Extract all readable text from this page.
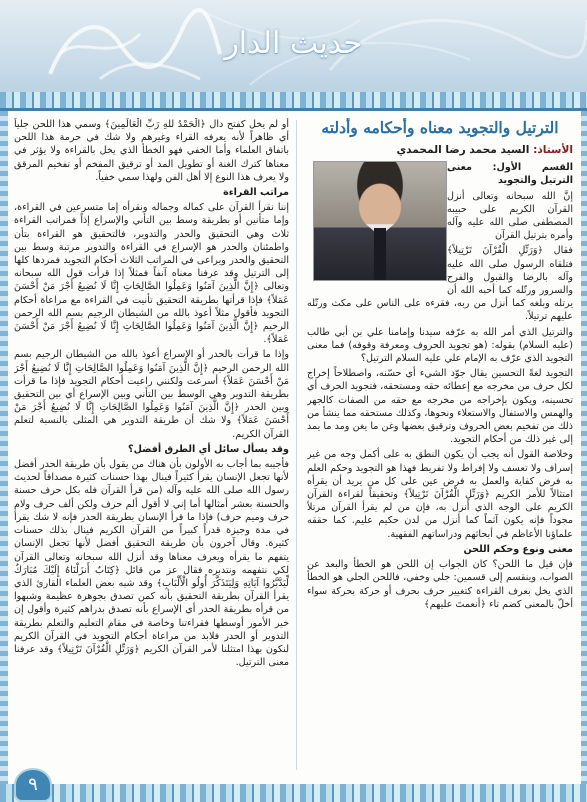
حديث الدار
الترتيل والتجويد معناه وأحكامه وأدلته
الأستاذ: السيد محمد رضا المحمدي

القسم الأول: معنى الترتيل والتجويد

إنَّ الله سبحانه وتعالى أنزل القرآن الكريم على حبيبه المصطفى صلى الله عليه وآله وأمره بترتيل القرآن

فقال ﴿وَرَتِّلِ الْقُرْآنَ تَرْتِيلاً﴾ فتلقاه الرسول صلى الله عليه وآله بالرضا والقبول والفرح والسرور ورتّله كما أحبه الله أن يرتله وبلغه كما أنزل من ربه، فقرءه على الناس على مكث ورتّله عليهم ترتيلاً.

والترتيل الذي أمر الله به عرّفه سيدنا وإمامنا علي بن أبي طالب (عليه السلام) بقوله: (هو تجويد الحروف ومعرفة وقوفه) فما معنى التجويد الذي عرّف به الإمام علي عليه السلام الترتيل؟

التجويد لغةً التحسين يقال جوّد الشيء أي حسّنه، واصطلاحاً إخراج لكل حرف من مخرجه مع إعطائه حقه ومستحقه، فتجويد الحرف أي تحسينه، ويكون بإخراجه من مخرجه مع حقه من الصفات كالجهر والهمس والاستفال والاستعلاء ونحوها، وكذلك مستحقه مما ينشأ من ذلك من تفخيم بعض الحروف وترقيق بعضها وغن ما يغن ومد ما يمد إلى غير ذلك من أحكام التجويد.

وخلاصة القول أنه يجب أن يكون النطق به على أكمل وجه من غير إسراف ولا تعسف ولا إفراط ولا تفريط فهذا هو التجويد وحكم العلم به فرض كفاية والعمل به فرض عين على كل من يريد أن يقرأه امتثالاً للأمر الكريم ﴿وَرَتِّلِ الْقُرْآنَ تَرْتِيلاً﴾ وتحقيقاً لقراءة القرآن الكريم على الوجه الذي أنزل به، فإن من لم يقرأ القرآن مرتلاً مجوداً فإنه يكون آثماً كما أنزل من لدن حكيم عليم. كما حققه علماؤنا الأعاظم في أبحاثهم ودراساتهم الفقهية.

معنى ونوع وحكم اللحن

فإن قيل ما اللحن؟ كان الجواب إن اللحن هو الخطأ والبعد عن الصواب، وينقسم إلى قسمين: جلي وخفي، فاللحن الجلي هو الخطأ الذي يخل بعرف القراءة كتغيير حرف بحرف أو حركة بحركة سواء أخلّ بالمعنى كضم تاء ﴿أنعمتَ عليهم﴾

أو لم يخل كفتح دال ﴿الْحَمْدُ للهِ رَبِّ الْعَالَمِينَ﴾ وسمي هذا اللحن جلياً أي ظاهراً لأنه يعرفه القراء وغيرهم ولا شك في حرمة هذا اللحن باتفاق العلماء وأما الخفي فهو الخطأ الذي يخل بالقراءة ولا يؤثر في معناها كترك الغنة أو تطويل المد أو ترقيق المفخم أو تفخيم المرقق ولا يعرف هذا النوع إلا أهل الفن ولهذا سمي خفياً.

مراتب القراءة

إننا نقرأ القرآن على كماله وجماله ونقرأه إما متسرعين في القراءة، وإما متأنين أو بطريقة وسط بين التأني والإسراع إذاً فمراتب القراءة ثلاث وهي التحقيق والحدر والتدوير، فالتحقيق هو القراءة بتأن واطمئنان والحدر هو الإسراع في القراءة والتدوير مرتبة وسط بين التحقيق والحدر ويراعى في المراتب الثلاث أحكام التجويد فمردها كلها إلى الترتيل وقد عرفنا معناه آنفاً فمثلاً إذا قرأت قول الله سبحانه وتعالى ﴿إِنَّ الَّذِينَ آمَنُوا وَعَمِلُوا الصَّالِحَاتِ إِنَّا لَا نُضِيعُ أَجْرَ مَنْ أَحْسَنَ عَمَلاً﴾ فإذا قرأتها بطريقة التحقيق تأنيت في القراءة مع مراعاة أحكام التجويد فأقول مثلاً أعوذ بالله من الشيطان الرجيم بسم الله الرحمن الرحيم ﴿إِنَّ الَّذِينَ آمَنُوا وَعَمِلُوا الصَّالِحَاتِ إِنَّا لَا نُضِيعُ أَجْرَ مَنْ أَحْسَنَ عَمَلاً﴾.

وإذا ما قرأت بالحدر أو الإسراع أعوذ بالله من الشيطان الرجيم بسم الله الرحمن الرحيم ﴿إِنَّ الَّذِينَ آمَنُوا وَعَمِلُوا الصَّالِحَاتِ إِنَّا لَا نُضِيعُ أَجْرَ مَنْ أَحْسَنَ عَمَلاً﴾ أسرعت ولكنني راعيت أحكام التجويد فإذا ما قرأت بطريقة التدوير وهي الوسط بين التأني وبين الإسراع أي بين التحقيق وبين الحدر ﴿إِنَّ الَّذِينَ آمَنُوا وَعَمِلُوا الصَّالِحَاتِ إِنَّا لَا نُضِيعُ أَجْرَ مَنْ أَحْسَنَ عَمَلاً﴾ ولا شك أن طريقة التدوير هي المثلى بالنسبة لتعلم القرآن الكريم.

وقد يسأل سائل أي الطرق أفضل؟

فأجيبه بما أجاب به الأولون بأن هناك من يقول بأن طريقة الحدر أفضل لأنها تجعل الإنسان يقرأ كثيراً فينال بهذا حسنات كثيرة مصداقاً لحديث رسول الله صلى الله عليه وآله (من قرأ القرآن فله بكل حرف حسنة والحسنة بعشر أمثالها أما إني لا أقول ألم حرف ولكن ألف حرف ولام حرف وميم حرف) فإذا ما قرأ الإنسان بطريقة الحدر فإنه لا شك يقرأ في مدة وجيزة قدراً كبيراً من القرآن الكريم فينال بذلك حسنات كثيرة. وقال آخرون بأن طريقة التحقيق أفضل لأنها تجعل الإنسان يتفهم ما يقرأه ويعرف معناها وقد أنزل الله سبحانه وتعالى القرآن لكي نتفهمه ونتدبره فقال عز من قائل ﴿كِتَابٌ أَنزَلْنَاهُ إِلَيْكَ مُبَارَكٌ لِّيَدَّبَّرُوا آيَاتِهِ وَلِيَتَذَكَّرَ أُولُو الْأَلْبَابِ﴾ وقد شبه بعض العلماء القارئ الذي يقرأ القرآن بطريقة التحقيق بأنه كمن تصدق بجوهرة عظيمة وشبهوا من قرأه بطريقة الحدر أي الإسراع بأنه تصدق بدراهم كثيرة وأقول إن خير الأمور أوسطها فقراءتنا وخاصة في مقام التعليم والتعلم بطريقة التدوير أو الحدر فلابد من مراعاة أحكام التجويد في القرآن الكريم لنكون بهذا امتثلنا لأمر القرآن الكريم ﴿وَرَتِّلِ الْقُرْآنَ تَرْتِيلاً﴾ وقد عرفنا معنى الترتيل.

٩
